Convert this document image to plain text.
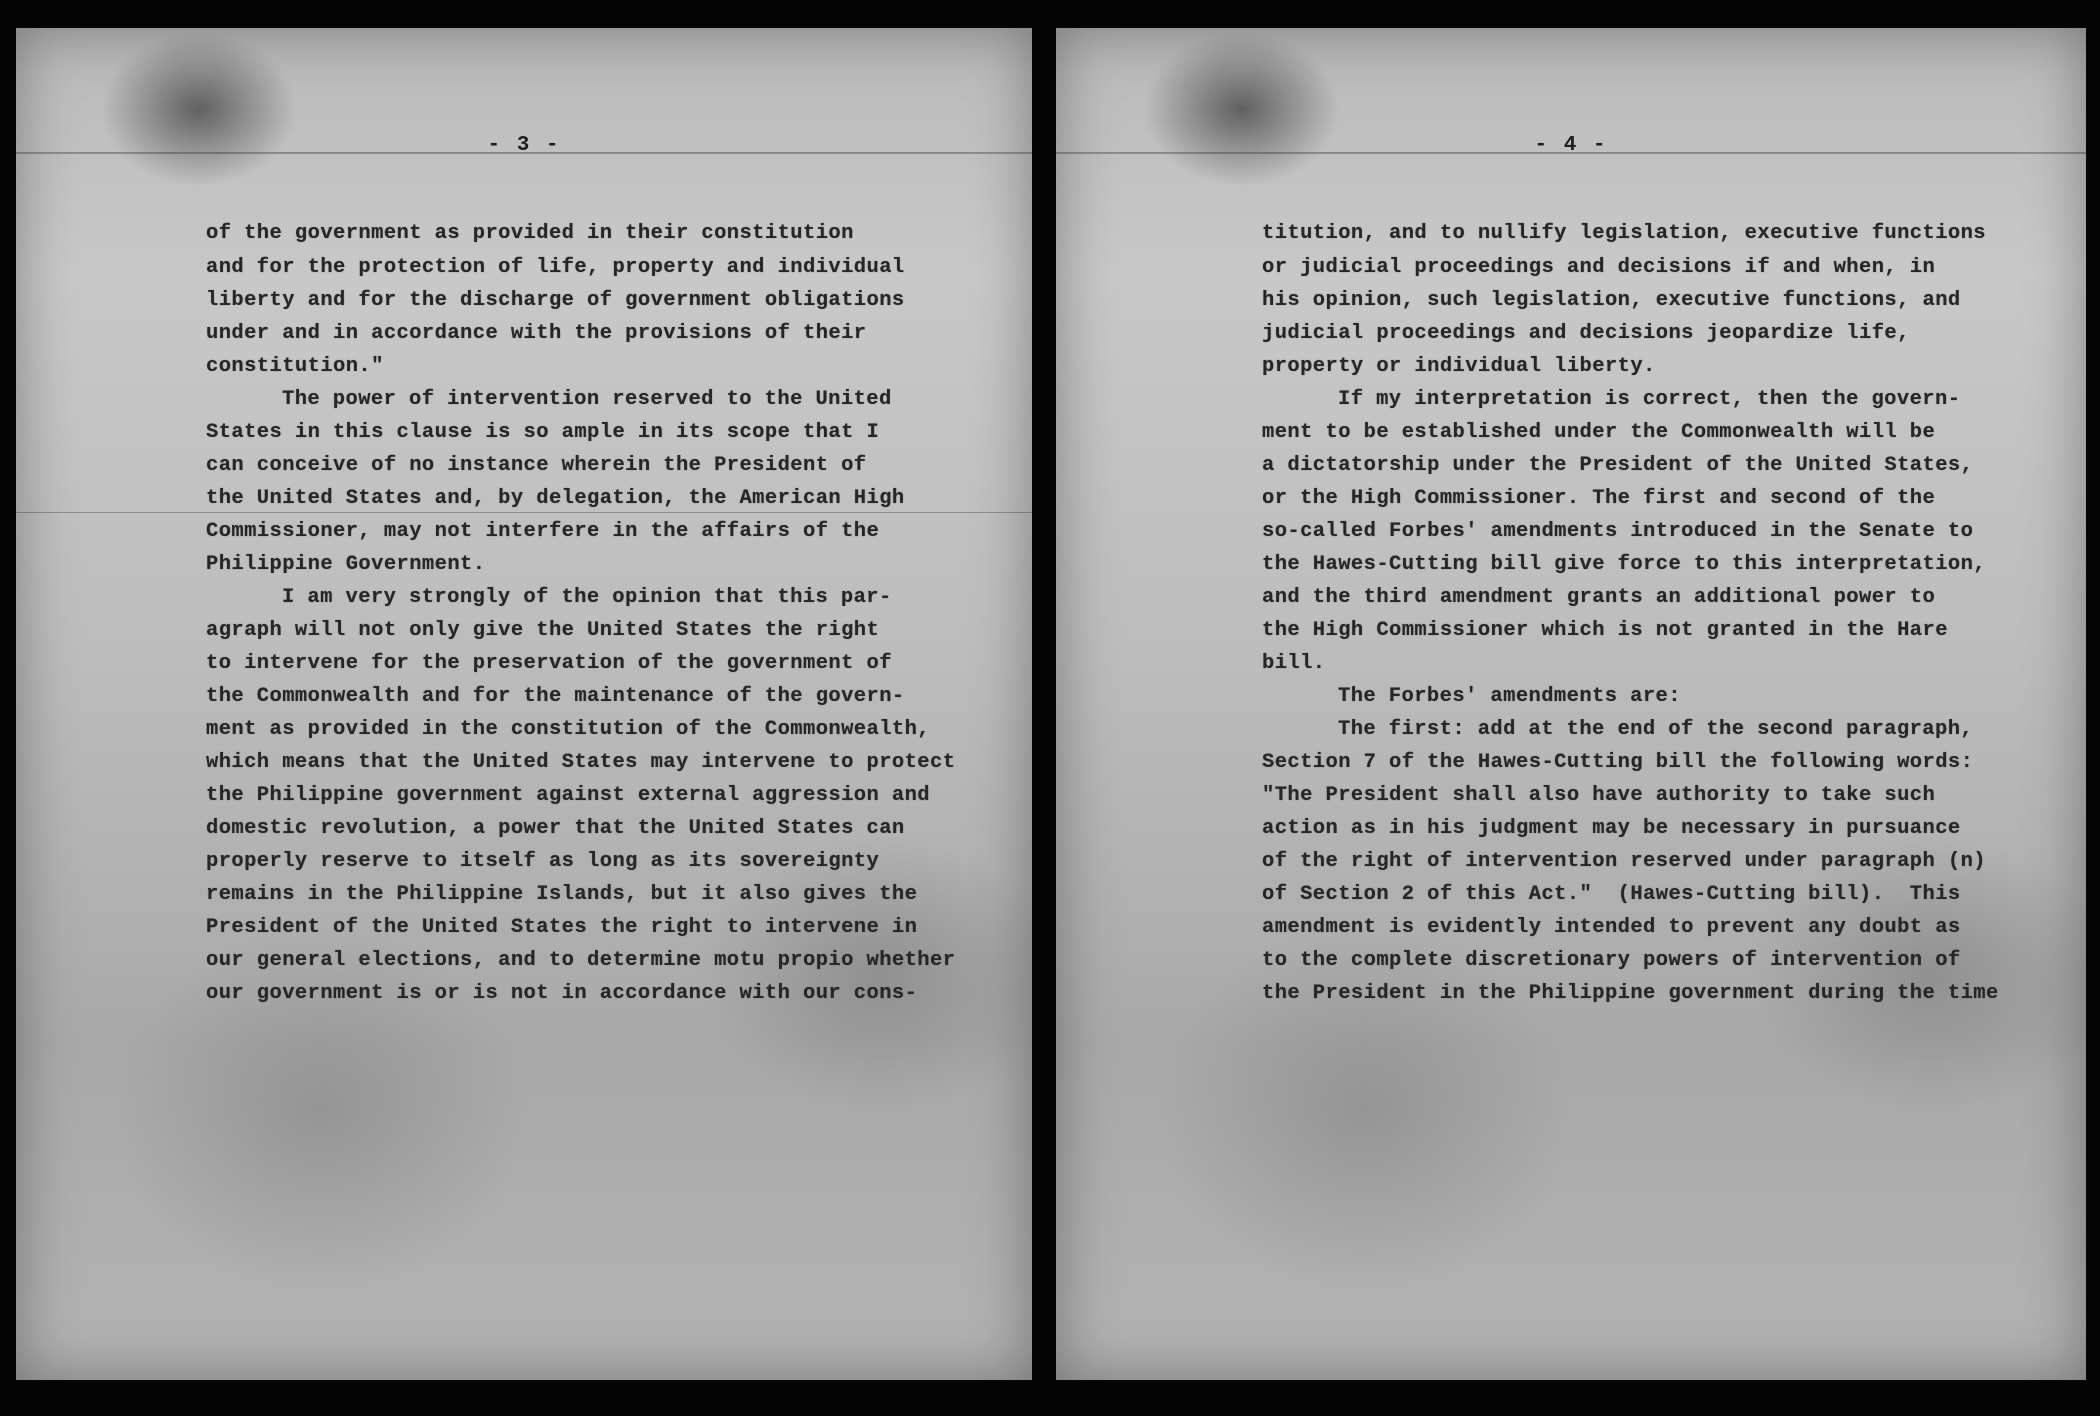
- 3 -
of the government as provided in their constitution
and for the protection of life, property and individual
liberty and for the discharge of government obligations
under and in accordance with the provisions of their
constitution."
The power of intervention reserved to the United
States in this clause is so ample in its scope that I
can conceive of no instance wherein the President of
the United States and, by delegation, the American High
Commissioner, may not interfere in the affairs of the
Philippine Government.
I am very strongly of the opinion that this par-
agraph will not only give the United States the right
to intervene for the preservation of the government of
the Commonwealth and for the maintenance of the govern-
ment as provided in the constitution of the Commonwealth,
which means that the United States may intervene to protect
the Philippine government against external aggression and
domestic revolution, a power that the United States can
properly reserve to itself as long as its sovereignty
remains in the Philippine Islands, but it also gives the
President of the United States the right to intervene in
our general elections, and to determine motu propio whether
our government is or is not in accordance with our cons-
- 4 -
titution, and to nullify legislation, executive functions
or judicial proceedings and decisions if and when, in
his opinion, such legislation, executive functions, and
judicial proceedings and decisions jeopardize life,
property or individual liberty.
If my interpretation is correct, then the govern-
ment to be established under the Commonwealth will be
a dictatorship under the President of the United States,
or the High Commissioner. The first and second of the
so-called Forbes' amendments introduced in the Senate to
the Hawes-Cutting bill give force to this interpretation,
and the third amendment grants an additional power to
the High Commissioner which is not granted in the Hare
bill.
The Forbes' amendments are:
The first: add at the end of the second paragraph,
Section 7 of the Hawes-Cutting bill the following words:
"The President shall also have authority to take such
action as in his judgment may be necessary in pursuance
of the right of intervention reserved under paragraph (n)
of Section 2 of this Act."  (Hawes-Cutting bill).  This
amendment is evidently intended to prevent any doubt as
to the complete discretionary powers of intervention of
the President in the Philippine government during the time
